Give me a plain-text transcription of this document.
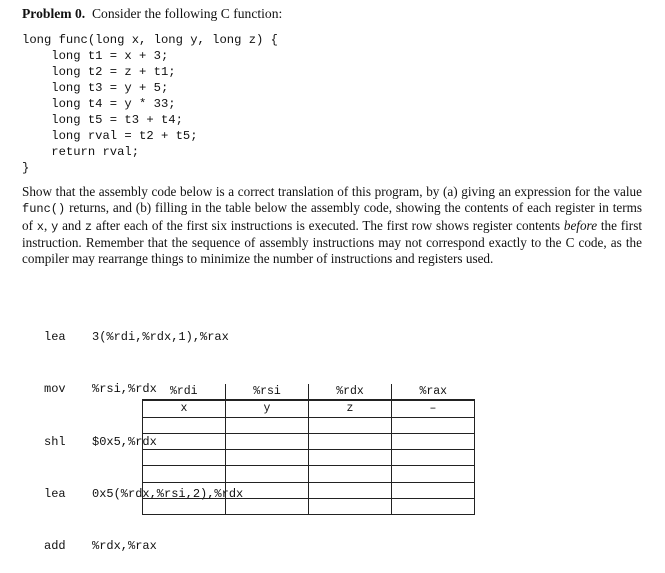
Problem 0. Consider the following C function:
long func(long x, long y, long z) {
long t1 = x + 3;
long t2 = z + t1;
long t3 = y + 5;
long t4 = y * 33;
long t5 = t3 + t4;
long rval = t2 + t5;
return rval;
}
Show that the assembly code below is a correct translation of this program, by (a) giving an expression for the value func() returns, and (b) filling in the table below the assembly code, showing the contents of each register in terms of x, y and z after each of the first six instructions is executed. The first row shows register contents before the first instruction. Remember that the sequence of assembly instructions may not correspond exactly to the C code, as the compiler may rearrange things to minimize the number of instructions and registers used.

lea	3(%rdi,%rdx,1),%rax

mov	%rsi,%rdx

shl	$0x5,%rdx

lea	0x5(%rdx,%rsi,2),%rdx

add	%rdx,%rax

%rdi	%rsi	%rdx	%rax
x	y	z	–
